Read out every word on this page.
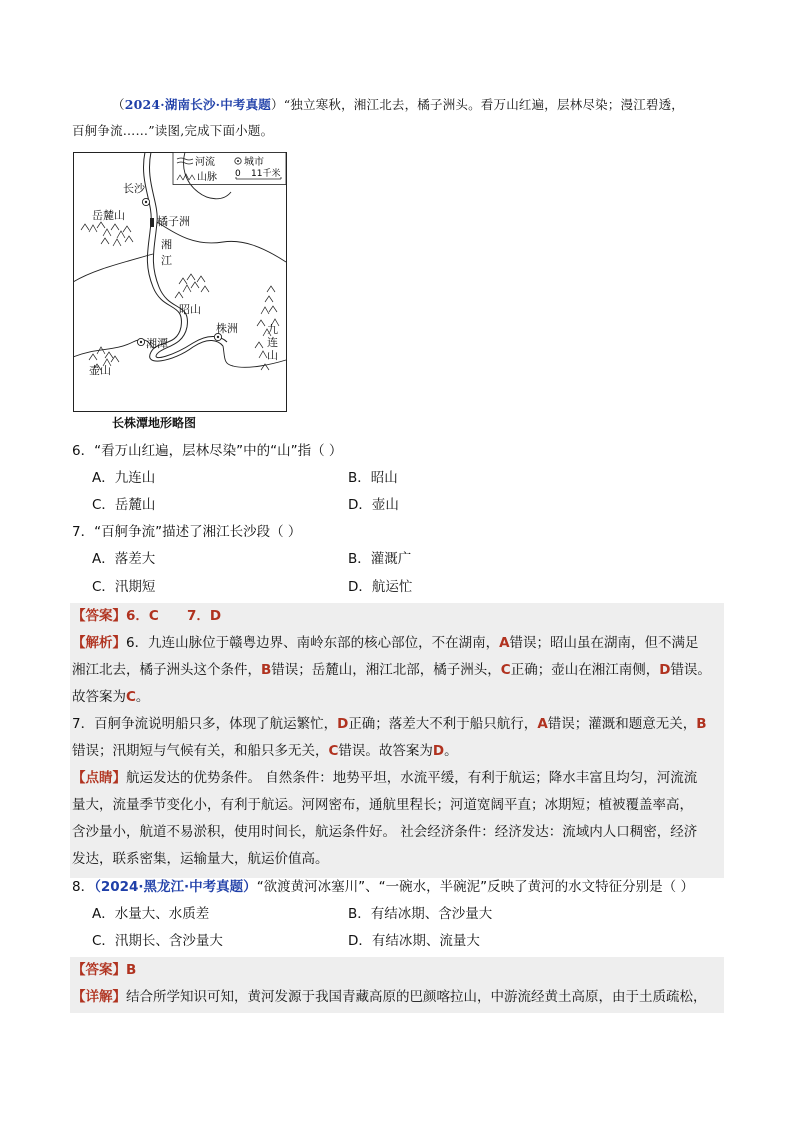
（2024·湖南长沙·中考真题）“独立寒秋，湘江北去，橘子洲头。看万山红遍，层林尽染；漫江碧透，
百舸争流……”读图,完成下面小题。
河流	城市
山脉 0 11千米
长沙
岳麓山	橘子洲
湘
江
昭山
九
连
山
株洲
湘潭
壶山
长株潭地形略图
6．“看万山红遍，层林尽染”中的“山”指（ ）
A．九连山	B．昭山
C．岳麓山	D．壶山
7．“百舸争流”描述了湘江长沙段（ ）
A．落差大	B．灌溉广
C．汛期短	D．航运忙
【答案】6．C      7．D
【解析】6．九连山脉位于赣粤边界、南岭东部的核心部位，不在湖南，A错误；昭山虽在湖南，但不满足
湘江北去，橘子洲头这个条件，B错误；岳麓山，湘江北部，橘子洲头，C正确；壶山在湘江南侧，D错误。
故答案为C。
7．百舸争流说明船只多，体现了航运繁忙，D正确；落差大不利于船只航行，A错误；灌溉和题意无关，B
错误；汛期短与气候有关，和船只多无关，C错误。故答案为D。
【点睛】航运发达的优势条件。 自然条件：地势平坦，水流平缓，有利于航运；降水丰富且均匀，河流流
量大，流量季节变化小，有利于航运。河网密布，通航里程长；河道宽阔平直；冰期短；植被覆盖率高，
含沙量小，航道不易淤积，使用时间长，航运条件好。 社会经济条件：经济发达：流域内人口稠密，经济
发达，联系密集，运输量大，航运价值高。
8．（2024·黑龙江·中考真题）“欲渡黄河冰塞川”、“一碗水，半碗泥”反映了黄河的水文特征分别是（ ）
A．水量大、水质差	B．有结冰期、含沙量大
C．汛期长、含沙量大	D．有结冰期、流量大
【答案】B
【详解】结合所学知识可知，黄河发源于我国青藏高原的巴颜喀拉山，中游流经黄土高原，由于土质疏松，
